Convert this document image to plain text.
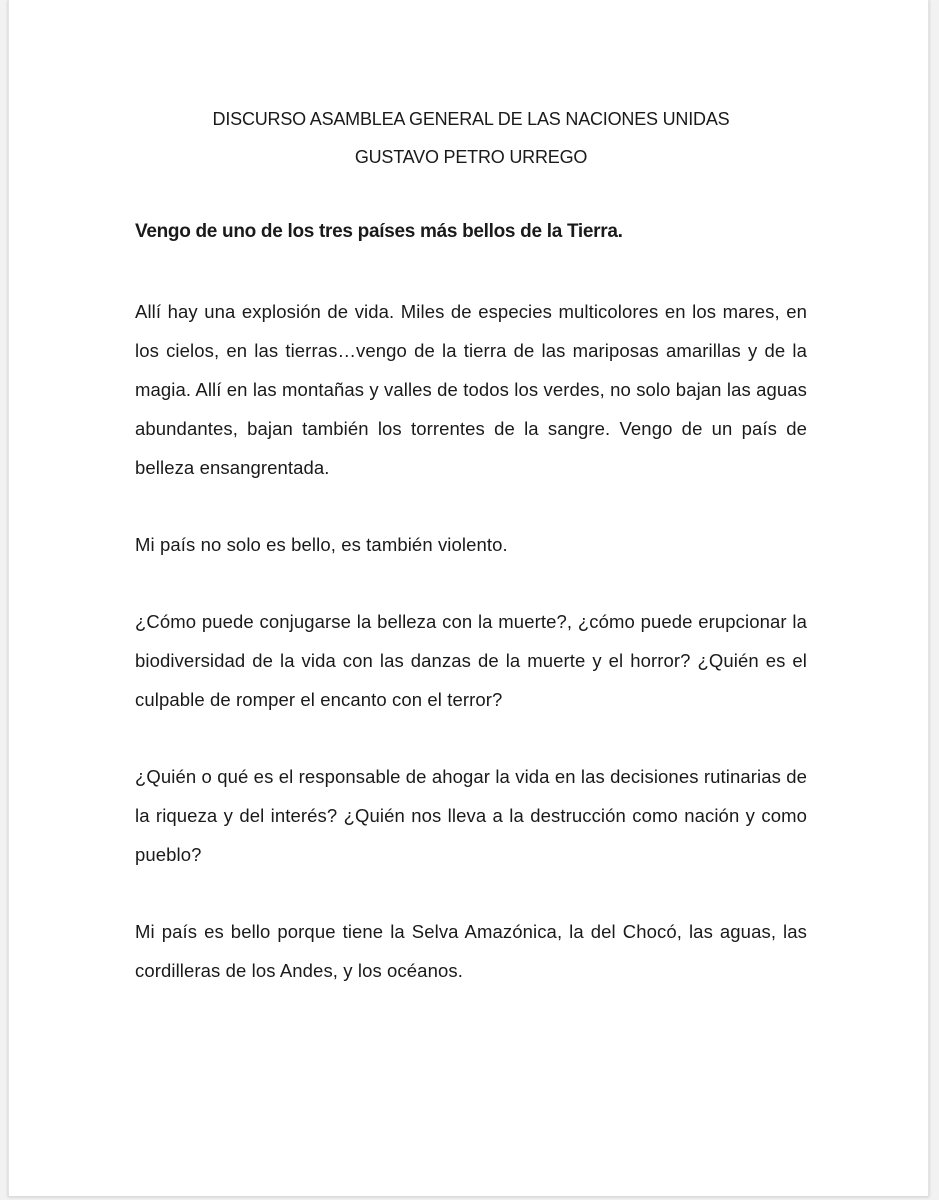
DISCURSO ASAMBLEA GENERAL DE LAS NACIONES UNIDAS
GUSTAVO PETRO URREGO
Vengo de uno de los tres países más bellos de la Tierra.

Allí hay una explosión de vida. Miles de especies multicolores en los mares, en los cielos, en las tierras…vengo de la tierra de las mariposas amarillas y de la magia. Allí en las montañas y valles de todos los verdes, no solo bajan las aguas abundantes, bajan también los torrentes de la sangre. Vengo de un país de belleza ensangrentada.

Mi país no solo es bello, es también violento.

¿Cómo puede conjugarse la belleza con la muerte?, ¿cómo puede erupcionar la biodiversidad de la vida con las danzas de la muerte y el horror? ¿Quién es el culpable de romper el encanto con el terror?

¿Quién o qué es el responsable de ahogar la vida en las decisiones rutinarias de la riqueza y del interés? ¿Quién nos lleva a la destrucción como nación y como pueblo?

Mi país es bello porque tiene la Selva Amazónica, la del Chocó, las aguas, las cordilleras de los Andes, y los océanos.
